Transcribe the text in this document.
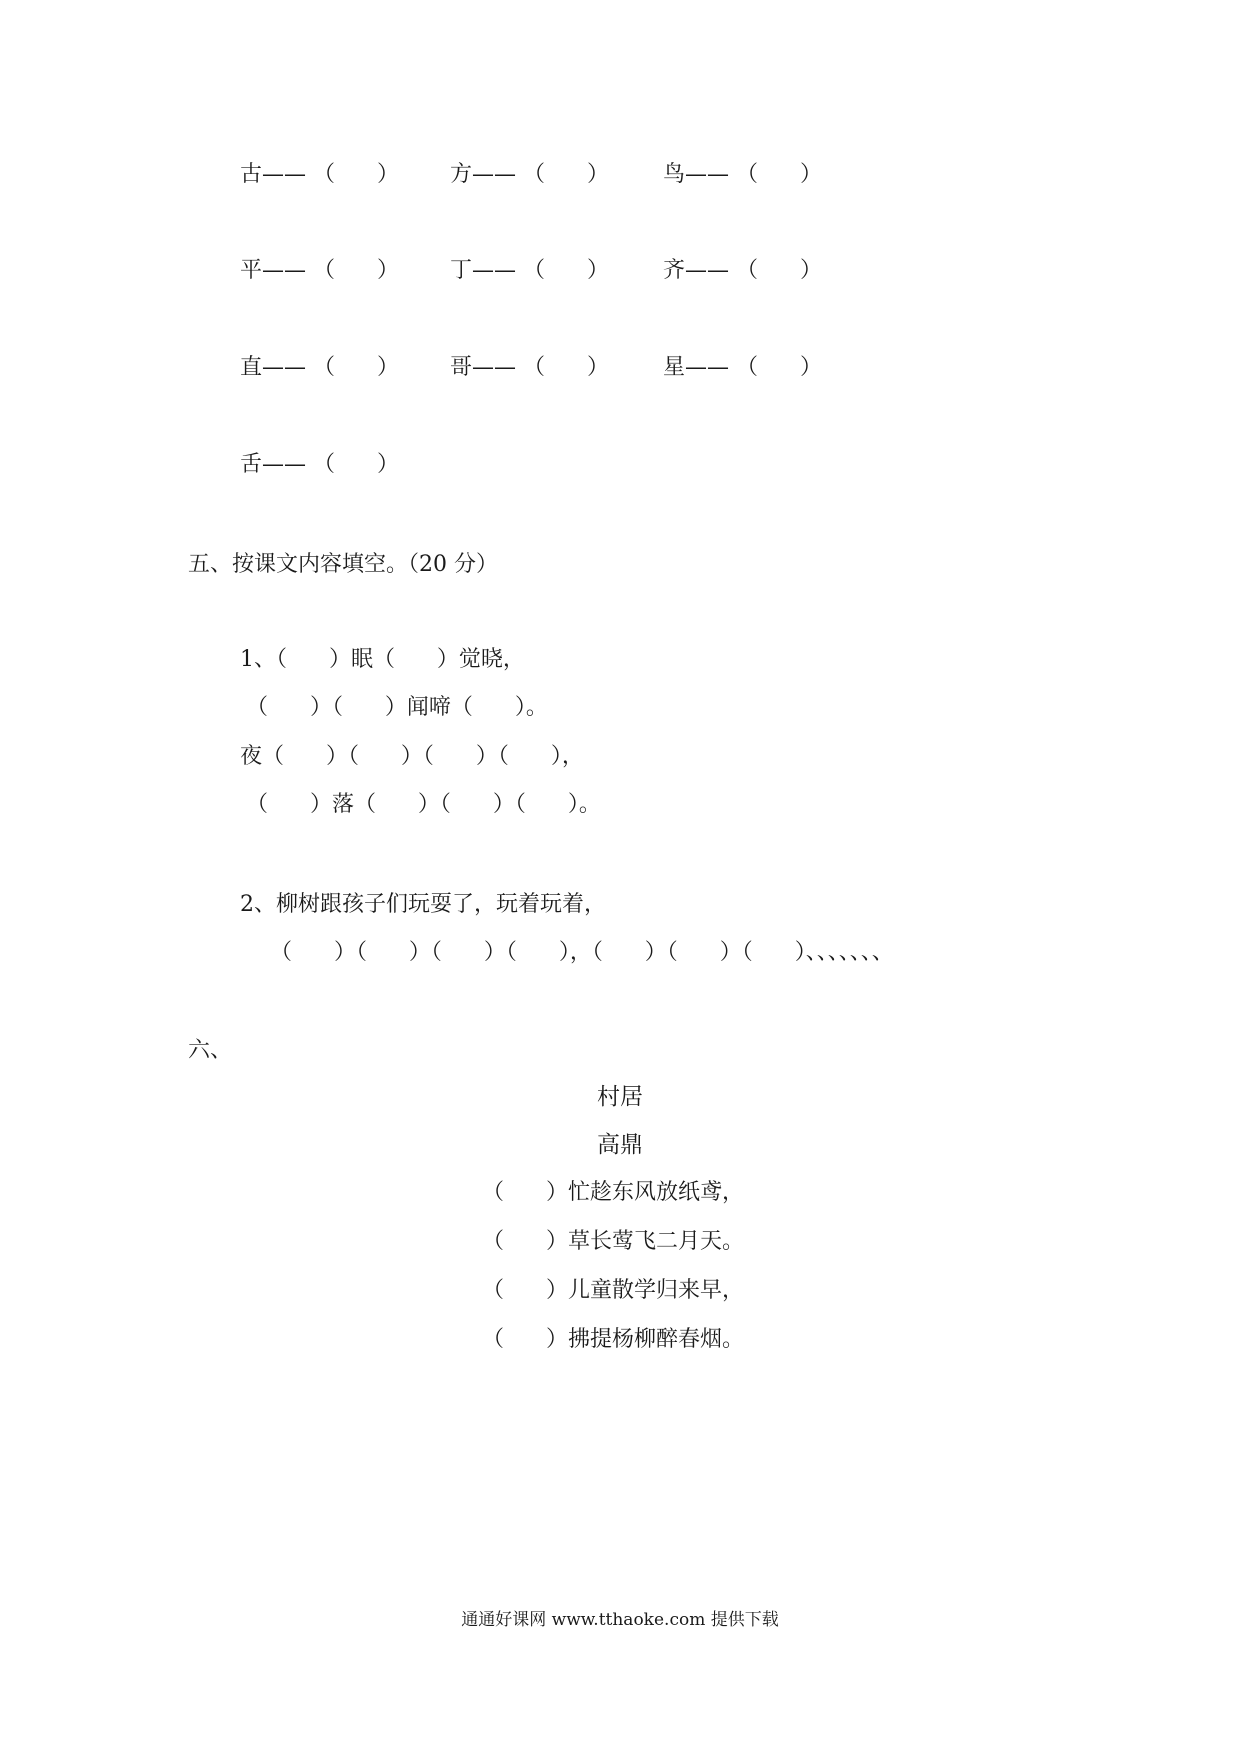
古—— （      ） 方—— （      ） 鸟—— （      ）
平—— （      ） 丁—— （      ） 齐—— （      ）
直—— （      ） 哥—— （      ） 星—— （      ）
舌—— （      ）
五、按课文内容填空。（20 分）
1、（      ）眠（      ）觉晓，
（      ）（      ）闻啼（      ）。
夜（      ）（      ）（      ）（      ），
（      ）落（      ）（      ）（      ）。
2、柳树跟孩子们玩耍了，玩着玩着，
（      ）（      ）（      ）（      ），（      ）（      ）（      ）、、、、、、、
六、
村居
高鼎
（      ）忙趁东风放纸鸢，
（      ）草长莺飞二月天。
（      ）儿童散学归来早，
（      ）拂提杨柳醉春烟。
通通好课网 www.tthaoke.com 提供下载
